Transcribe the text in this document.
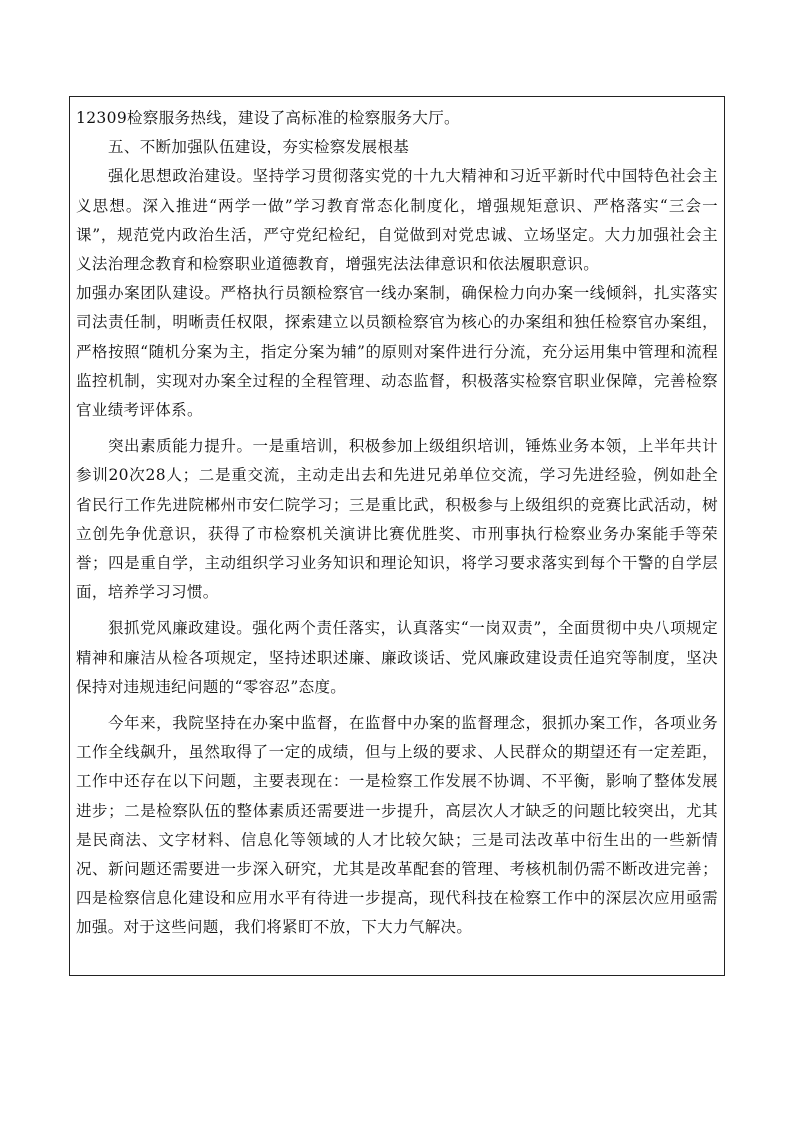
12309检察服务热线，建设了高标准的检察服务大厅。

五、不断加强队伍建设，夯实检察发展根基

强化思想政治建设。坚持学习贯彻落实党的十九大精神和习近平新时代中国特色社会主义思想。深入推进“两学一做”学习教育常态化制度化，增强规矩意识、严格落实“三会一课”，规范党内政治生活，严守党纪检纪，自觉做到对党忠诚、立场坚定。大力加强社会主义法治理念教育和检察职业道德教育，增强宪法法律意识和依法履职意识。

加强办案团队建设。严格执行员额检察官一线办案制，确保检力向办案一线倾斜，扎实落实司法责任制，明晰责任权限，探索建立以员额检察官为核心的办案组和独任检察官办案组，严格按照“随机分案为主，指定分案为辅”的原则对案件进行分流，充分运用集中管理和流程监控机制，实现对办案全过程的全程管理、动态监督，积极落实检察官职业保障，完善检察官业绩考评体系。

突出素质能力提升。一是重培训，积极参加上级组织培训，锤炼业务本领，上半年共计参训20次28人；二是重交流，主动走出去和先进兄弟单位交流，学习先进经验，例如赴全省民行工作先进院郴州市安仁院学习；三是重比武，积极参与上级组织的竞赛比武活动，树立创先争优意识，获得了市检察机关演讲比赛优胜奖、市刑事执行检察业务办案能手等荣誉；四是重自学，主动组织学习业务知识和理论知识，将学习要求落实到每个干警的自学层面，培养学习习惯。

狠抓党风廉政建设。强化两个责任落实，认真落实“一岗双责”，全面贯彻中央八项规定精神和廉洁从检各项规定，坚持述职述廉、廉政谈话、党风廉政建设责任追究等制度，坚决保持对违规违纪问题的“零容忍”态度。

今年来，我院坚持在办案中监督，在监督中办案的监督理念，狠抓办案工作，各项业务工作全线飙升，虽然取得了一定的成绩，但与上级的要求、人民群众的期望还有一定差距，工作中还存在以下问题，主要表现在：一是检察工作发展不协调、不平衡，影响了整体发展进步；二是检察队伍的整体素质还需要进一步提升，高层次人才缺乏的问题比较突出，尤其是民商法、文字材料、信息化等领域的人才比较欠缺；三是司法改革中衍生出的一些新情况、新问题还需要进一步深入研究，尤其是改革配套的管理、考核机制仍需不断改进完善；四是检察信息化建设和应用水平有待进一步提高，现代科技在检察工作中的深层次应用亟需加强。对于这些问题，我们将紧盯不放，下大力气解决。
